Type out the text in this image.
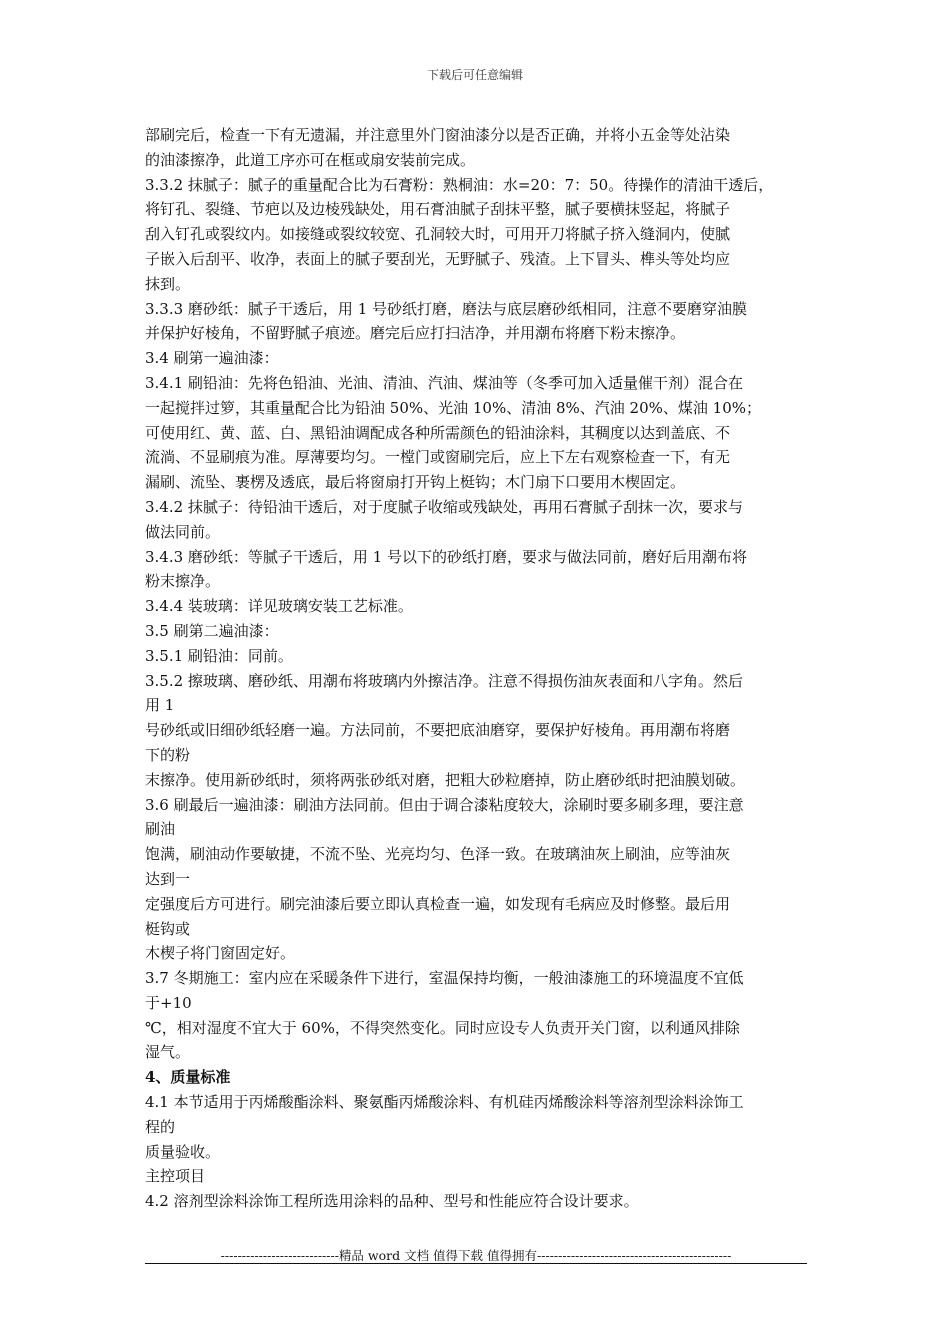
下载后可任意编辑
部刷完后，检查一下有无遗漏，并注意里外门窗油漆分以是否正确，并将小五金等处沾染
的油漆擦净，此道工序亦可在框或扇安装前完成。
3.3.2 抹腻子：腻子的重量配合比为石膏粉：熟桐油：水=20：7：50。待操作的清油干透后，
将钉孔、裂缝、节疤以及边棱残缺处，用石膏油腻子刮抹平整，腻子要横抹竖起，将腻子
刮入钉孔或裂纹内。如接缝或裂纹较宽、孔洞较大时，可用开刀将腻子挤入缝洞内，使腻
子嵌入后刮平、收净，表面上的腻子要刮光，无野腻子、残渣。上下冒头、榫头等处均应
抹到。
3.3.3 磨砂纸：腻子干透后，用 1 号砂纸打磨，磨法与底层磨砂纸相同，注意不要磨穿油膜
并保护好棱角，不留野腻子痕迹。磨完后应打扫洁净，并用潮布将磨下粉末擦净。
3.4 刷第一遍油漆：
3.4.1 刷铅油：先将色铅油、光油、清油、汽油、煤油等（冬季可加入适量催干剂）混合在
一起搅拌过箩，其重量配合比为铅油 50%、光油 10%、清油 8%、汽油 20%、煤油 10%；
可使用红、黄、蓝、白、黑铅油调配成各种所需颜色的铅油涂料，其稠度以达到盖底、不
流淌、不显刷痕为准。厚薄要均匀。一樘门或窗刷完后，应上下左右观察检查一下，有无
漏刷、流坠、裹楞及透底，最后将窗扇打开钩上梃钩；木门扇下口要用木楔固定。
3.4.2 抹腻子：待铅油干透后，对于度腻子收缩或残缺处，再用石膏腻子刮抹一次，要求与
做法同前。
3.4.3 磨砂纸：等腻子干透后，用 1 号以下的砂纸打磨，要求与做法同前，磨好后用潮布将
粉末擦净。
3.4.4 装玻璃：详见玻璃安装工艺标准。
3.5 刷第二遍油漆：
3.5.1 刷铅油：同前。
3.5.2 擦玻璃、磨砂纸、用潮布将玻璃内外擦洁净。注意不得损伤油灰表面和八字角。然后
用 1
号砂纸或旧细砂纸轻磨一遍。方法同前，不要把底油磨穿，要保护好棱角。再用潮布将磨
下的粉
末擦净。使用新砂纸时，须将两张砂纸对磨，把粗大砂粒磨掉，防止磨砂纸时把油膜划破。
3.6 刷最后一遍油漆：刷油方法同前。但由于调合漆粘度较大，涂刷时要多刷多理，要注意
刷油
饱满，刷油动作要敏捷，不流不坠、光亮均匀、色泽一致。在玻璃油灰上刷油，应等油灰
达到一
定强度后方可进行。刷完油漆后要立即认真检查一遍，如发现有毛病应及时修整。最后用
梃钩或
木楔子将门窗固定好。
3.7 冬期施工：室内应在采暖条件下进行，室温保持均衡，一般油漆施工的环境温度不宜低
于+10
℃，相对湿度不宜大于 60%，不得突然变化。同时应设专人负责开关门窗，以利通风排除
湿气。
4、质量标准
4.1 本节适用于丙烯酸酯涂料、聚氨酯丙烯酸涂料、有机硅丙烯酸涂料等溶剂型涂料涂饰工
程的
质量验收。
主控项目
4.2 溶剂型涂料涂饰工程所选用涂料的品种、型号和性能应符合设计要求。
----------------------------精品 word 文档 值得下载 值得拥有----------------------------------------------
